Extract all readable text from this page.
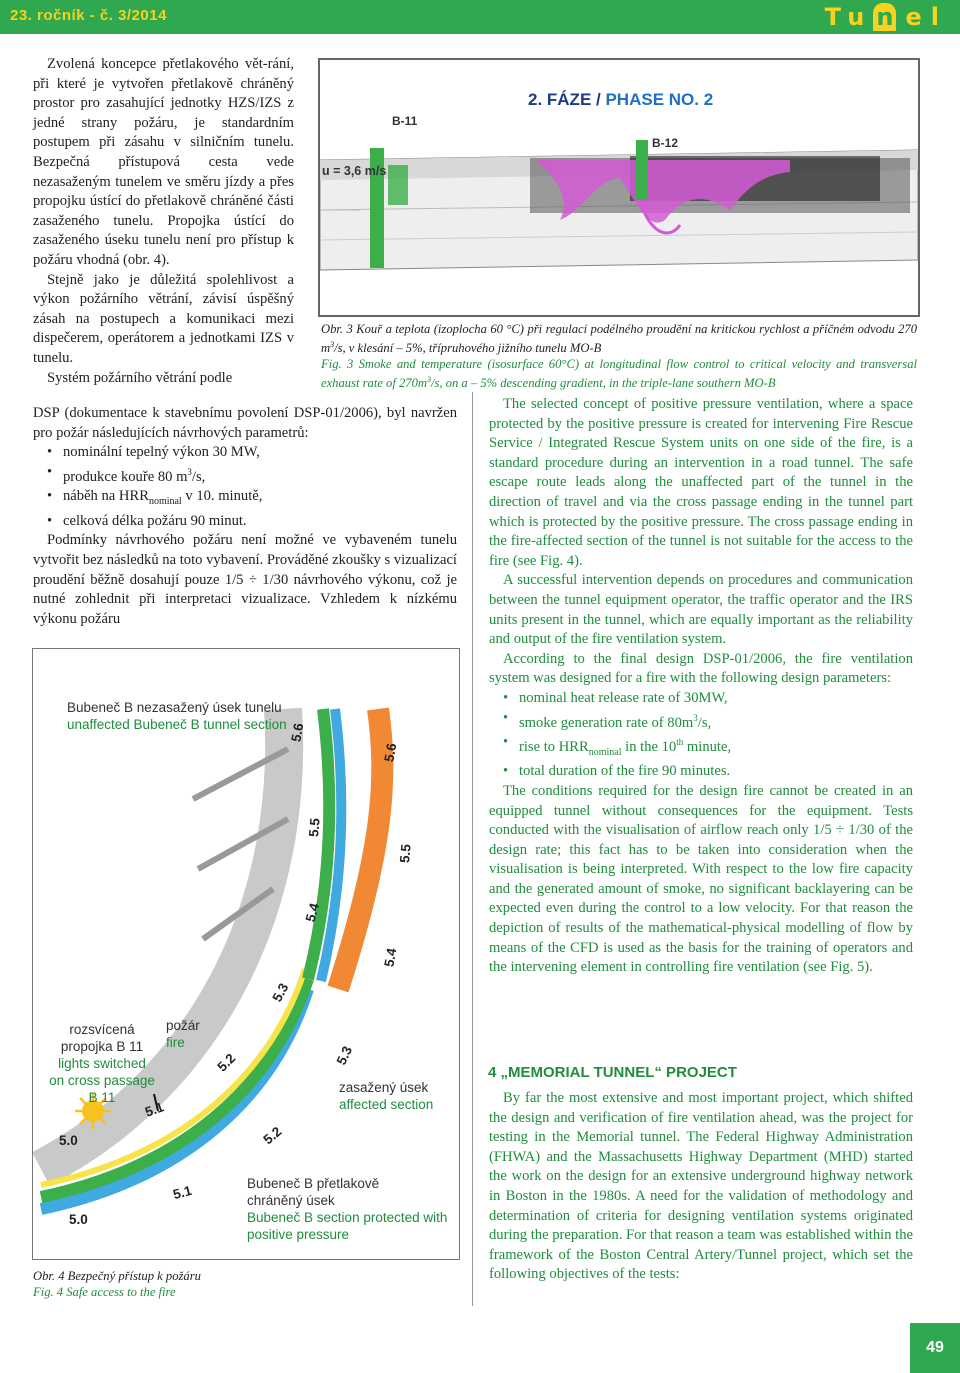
23. ročník - č. 3/2014	Tu n el

Zvolená koncepce přetlakového vět-rání, při které je vytvořen přetlakově chráněný prostor pro zasahující jednotky HZS/IZS z jedné strany požáru, je standardním postupem při zásahu v silničním tunelu. Bezpečná přístupová cesta vede nezasaženým tunelem ve směru jízdy a přes propojku ústící do přetlakově chráněné části zasaženého tunelu. Propojka ústící do zasaženého úseku tunelu není pro přístup k požáru vhodná (obr. 4).

Stejně jako je důležitá spolehlivost a výkon požárního větrání, závisí úspěšný zásah na postupech a komunikaci mezi dispečerem, operátorem a jednotkami IZS v tunelu.

Systém požárního větrání podle

2. FÁZE / PHASE NO. 2
B-11
B-12
u = 3,6 m/s
Obr. 3 Kouř a teplota (izoplocha 60 °C) při regulaci podélného proudění na kritickou rychlost a příčném odvodu 270 $m^3/s$, v klesání – 5%, třípruhového jižního tunelu MO-B
Fig. 3 Smoke and temperature (isosurface 60°C) at longitudinal flow control to critical velocity and transversal exhaust rate of $270m^3/s$, on a – 5% descending gradient, in the triple-lane southern MO-B

DSP (dokumentace k stavebnímu povolení DSP-01/2006), byl navržen pro požár následujících návrhových parametrů:

• nominální tepelný výkon 30 MW,
• produkce kouře 80 $m^3/s$,
• náběh na $HRR_{nominal}$ v 10. minutě,
• celková délka požáru 90 minut.

Podmínky návrhového požáru není možné ve vybaveném tunelu vytvořit bez následků na toto vybavení. Prováděné zkoušky s vizualizací proudění běžně dosahují pouze 1/5 ÷ 1/30 návrhového výkonu, což je nutné zohlednit při interpretaci vizualizace. Vzhledem k nízkému výkonu požáru

5.6
5.6
5.5
5.5
5.4
5.4
5.3
5.3
5.2
5.2
5.1
5.1
5.0
5.0
Bubeneč B nezasažený úsek tunelu
unaffected Bubeneč B tunnel section
rozsvícená
propojka B 11
lights switched
on cross passage
B 11
požár
fire
zasažený úsek
affected section
Bubeneč B přetlakově
chráněný úsek
Bubeneč B section protected with
positive pressure
Obr. 4 Bezpečný přístup k požáru
Fig. 4 Safe access to the fire

The selected concept of positive pressure ventilation, where a space protected by the positive pressure is created for intervening Fire Rescue Service / Integrated Rescue System units on one side of the fire, is a standard procedure during an intervention in a road tunnel. The safe escape route leads along the unaffected part of the tunnel in the direction of travel and via the cross passage ending in the tunnel part which is protected by the positive pressure. The cross passage ending in the fire-affected section of the tunnel is not suitable for the access to the fire (see Fig. 4).

A successful intervention depends on procedures and communication between the tunnel equipment operator, the traffic operator and the IRS units present in the tunnel, which are equally important as the reliability and output of the fire ventilation system.

According to the final design DSP-01/2006, the fire ventilation system was designed for a fire with the following design parameters:

• nominal heat release rate of 30MW,
• smoke generation rate of $80m^3/s$,
• rise to $HRR_{nominal}$ in the 10th minute,
• total duration of the fire 90 minutes.

The conditions required for the design fire cannot be created in an equipped tunnel without consequences for the equipment. Tests conducted with the visualisation of airflow reach only 1/5 ÷ 1/30 of the design rate; this fact has to be taken into consideration when the visualisation is being interpreted. With respect to the low fire capacity and the generated amount of smoke, no significant backlayering can be expected even during the control to a low velocity. For that reason the depiction of results of the mathematical-physical modelling of flow by means of the CFD is used as the basis for the training of operators and the intervening element in controlling fire ventilation (see Fig. 5).

4 „MEMORIAL TUNNEL“ PROJECT

By far the most extensive and most important project, which shifted the design and verification of fire ventilation ahead, was the project for testing in the Memorial tunnel. The Federal Highway Administration (FHWA) and the Massachusetts Highway Department (MHD) started the work on the design for an extensive underground highway network in Boston in the 1980s. A need for the validation of methodology and determination of criteria for designing ventilation systems originated during the preparation. For that reason a team was established within the framework of the Boston Central Artery/Tunnel project, which set the following objectives of the tests:

49
